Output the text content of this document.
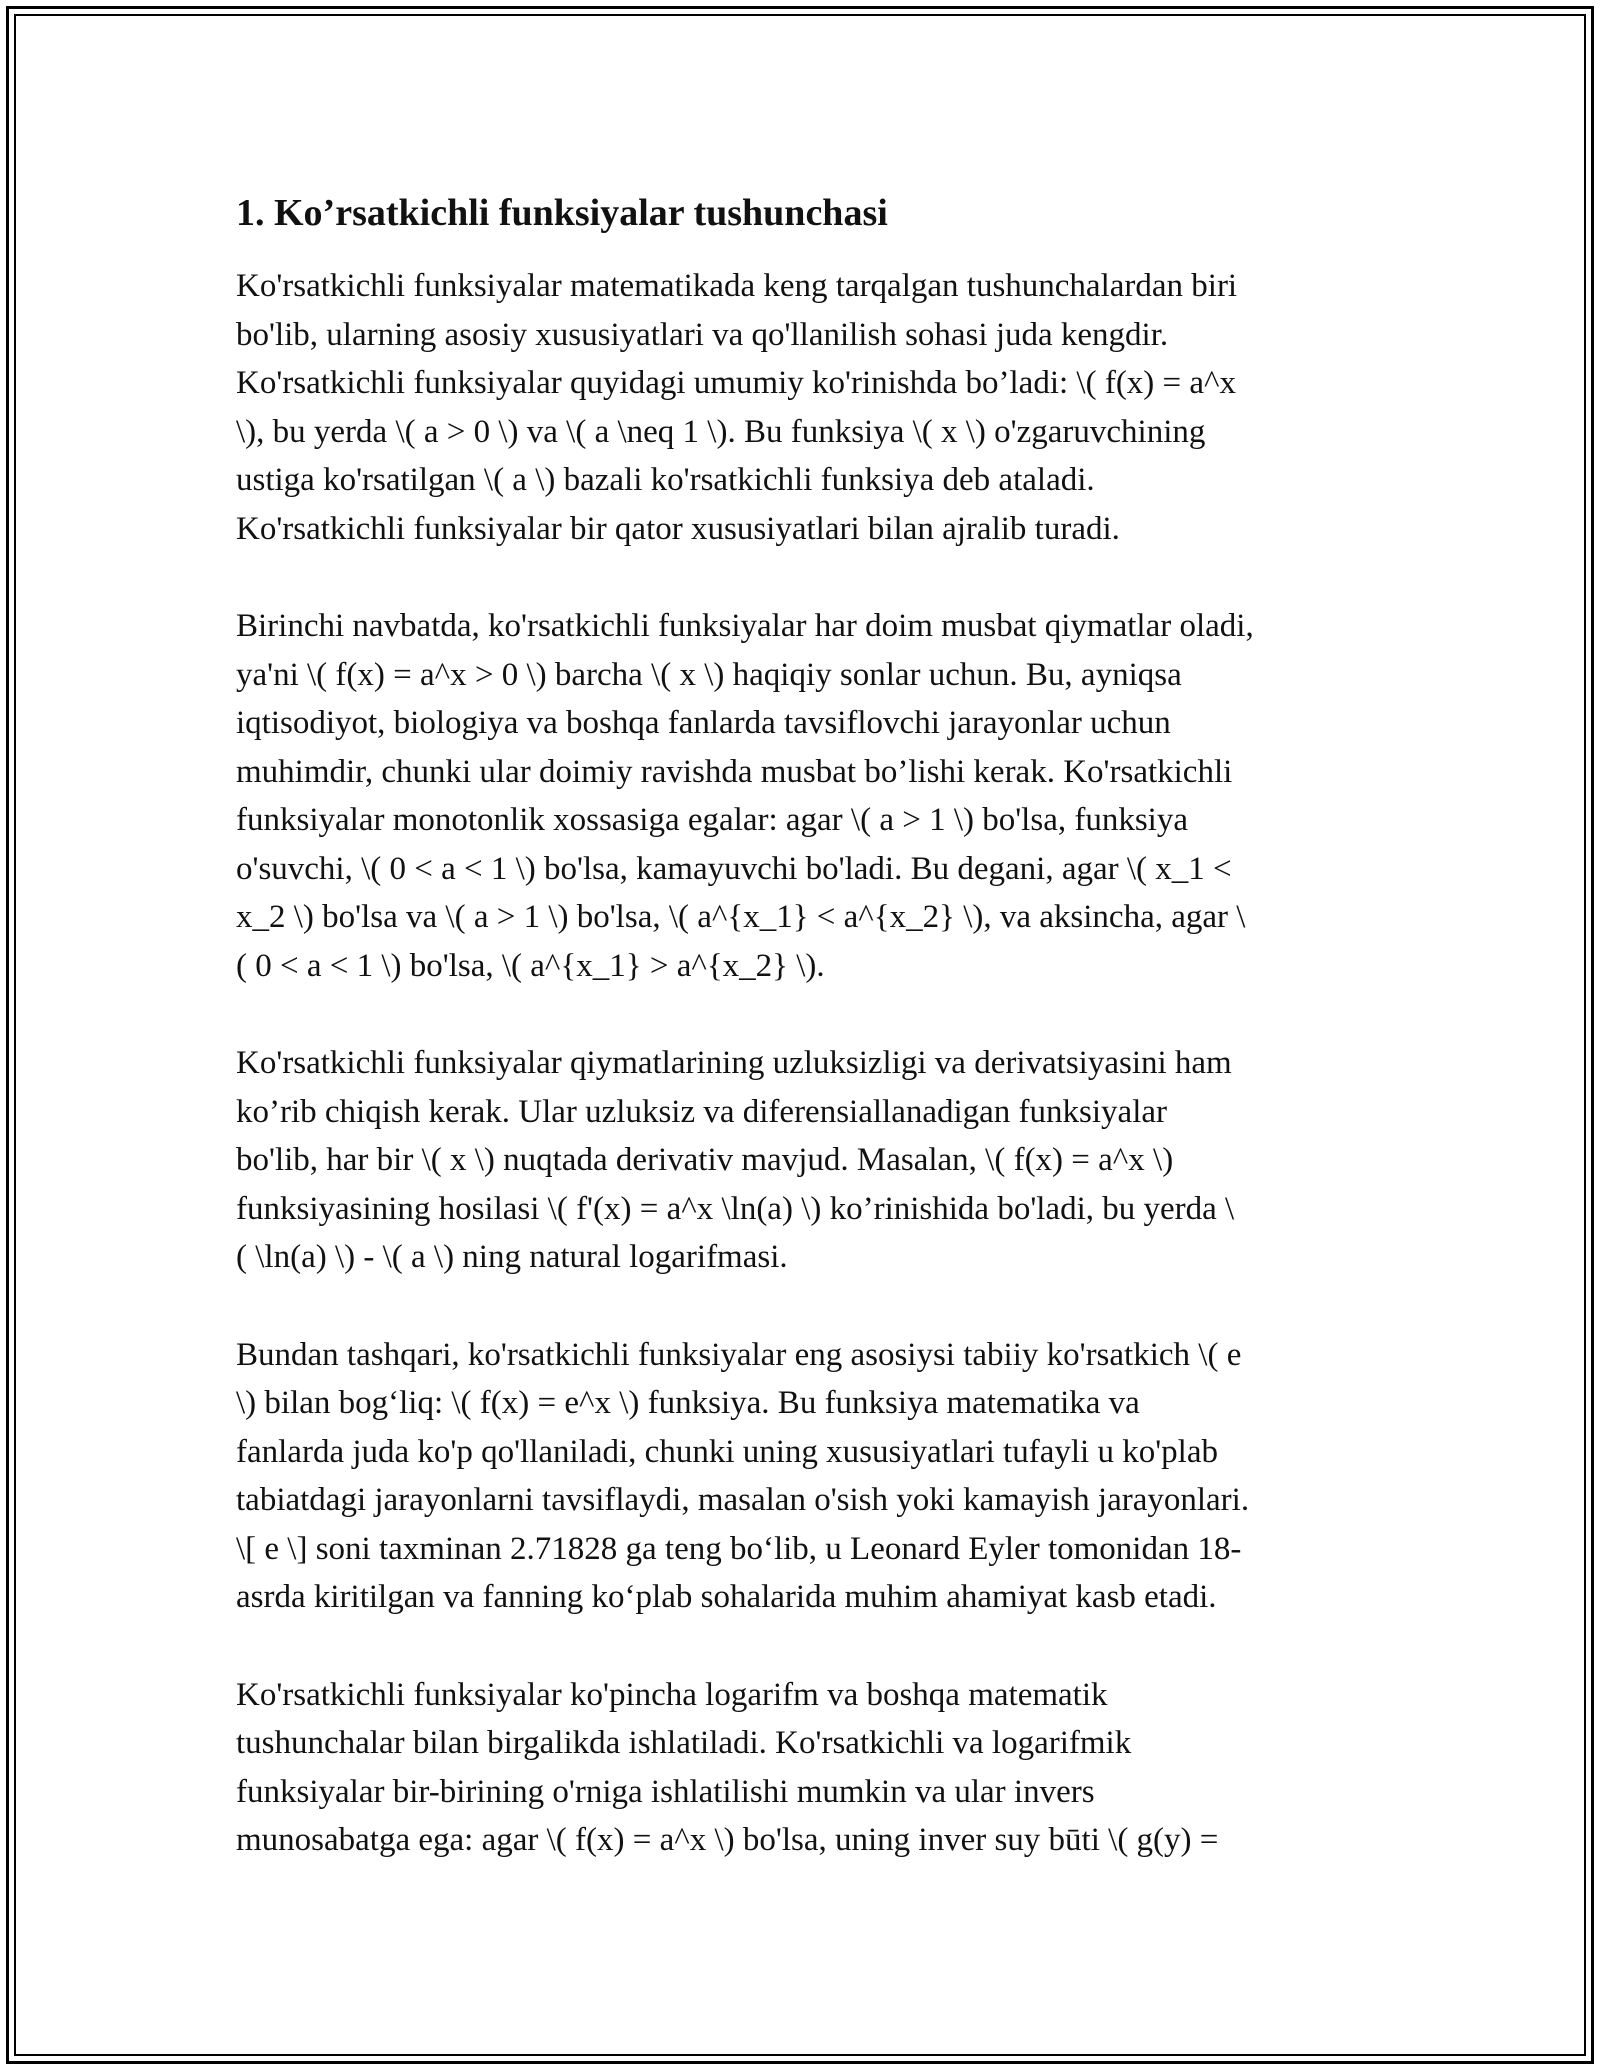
1. Ko’rsatkichli funksiyalar tushunchasi
Ko'rsatkichli funksiyalar matematikada keng tarqalgan tushunchalardan biri
bo'lib, ularning asosiy xususiyatlari va qo'llanilish sohasi juda kengdir.
Ko'rsatkichli funksiyalar quyidagi umumiy ko'rinishda bo’ladi: \( f(x) = a^x
\), bu yerda \( a > 0 \) va \( a \neq 1 \). Bu funksiya \( x \) o'zgaruvchining
ustiga ko'rsatilgan \( a \) bazali ko'rsatkichli funksiya deb ataladi.
Ko'rsatkichli funksiyalar bir qator xususiyatlari bilan ajralib turadi.
Birinchi navbatda, ko'rsatkichli funksiyalar har doim musbat qiymatlar oladi,
ya'ni \( f(x) = a^x > 0 \) barcha \( x \) haqiqiy sonlar uchun. Bu, ayniqsa
iqtisodiyot, biologiya va boshqa fanlarda tavsiflovchi jarayonlar uchun
muhimdir, chunki ular doimiy ravishda musbat bo’lishi kerak. Ko'rsatkichli
funksiyalar monotonlik xossasiga egalar: agar \( a > 1 \) bo'lsa, funksiya
o'suvchi, \( 0 < a < 1 \) bo'lsa, kamayuvchi bo'ladi. Bu degani, agar \( x_1 <
x_2 \) bo'lsa va \( a > 1 \) bo'lsa, \( a^{x_1} < a^{x_2} \), va aksincha, agar \
( 0 < a < 1 \) bo'lsa, \( a^{x_1} > a^{x_2} \).
Ko'rsatkichli funksiyalar qiymatlarining uzluksizligi va derivatsiyasini ham
ko’rib chiqish kerak. Ular uzluksiz va diferensiallanadigan funksiyalar
bo'lib, har bir \( x \) nuqtada derivativ mavjud. Masalan, \( f(x) = a^x \)
funksiyasining hosilasi \( f'(x) = a^x \ln(a) \) ko’rinishida bo'ladi, bu yerda \
( \ln(a) \) - \( a \) ning natural logarifmasi.
Bundan tashqari, ko'rsatkichli funksiyalar eng asosiysi tabiiy ko'rsatkich \( e
\) bilan bog‘liq: \( f(x) = e^x \) funksiya. Bu funksiya matematika va
fanlarda juda ko'p qo'llaniladi, chunki uning xususiyatlari tufayli u ko'plab
tabiatdagi jarayonlarni tavsiflaydi, masalan o'sish yoki kamayish jarayonlari.
\[ e \] soni taxminan 2.71828 ga teng bo‘lib, u Leonard Eyler tomonidan 18-
asrda kiritilgan va fanning ko‘plab sohalarida muhim ahamiyat kasb etadi.
Ko'rsatkichli funksiyalar ko'pincha logarifm va boshqa matematik
tushunchalar bilan birgalikda ishlatiladi. Ko'rsatkichli va logarifmik
funksiyalar bir-birining o'rniga ishlatilishi mumkin va ular invers
munosabatga ega: agar \( f(x) = a^x \) bo'lsa, uning inver suy būti \( g(y) =
